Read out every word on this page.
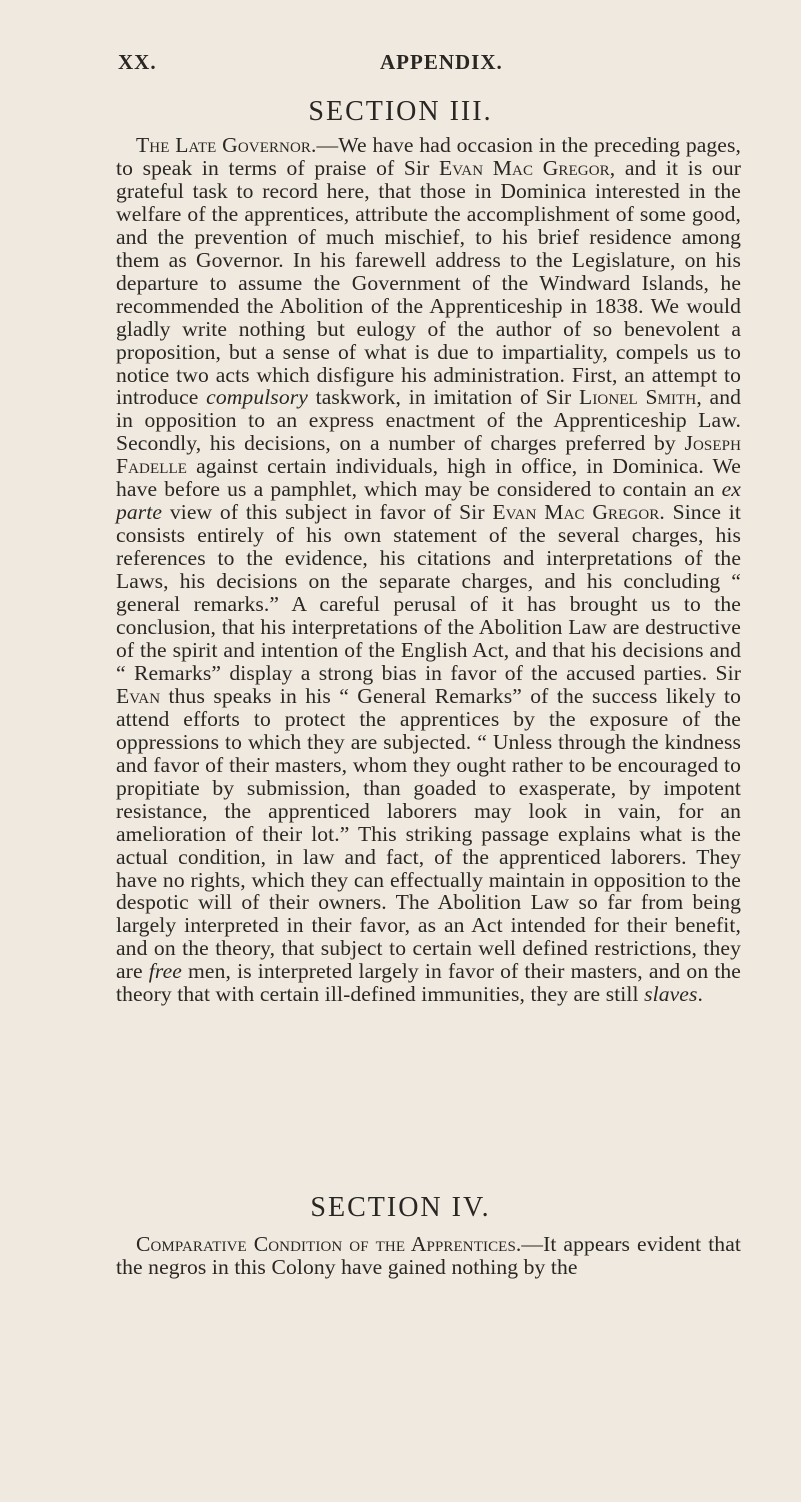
XX.	APPENDIX.
SECTION III.

The Late Governor.—We have had occasion in the preceding pages, to speak in terms of praise of Sir Evan Mac Gregor, and it is our grateful task to record here, that those in Dominica interested in the welfare of the apprentices, attribute the accomplishment of some good, and the prevention of much mischief, to his brief residence among them as Governor. In his farewell address to the Legislature, on his departure to assume the Government of the Windward Islands, he recommended the Abolition of the Apprenticeship in 1838. We would gladly write nothing but eulogy of the author of so benevolent a proposition, but a sense of what is due to impartiality, compels us to notice two acts which disfigure his administration. First, an attempt to introduce compulsory taskwork, in imitation of Sir Lionel Smith, and in opposition to an express enactment of the Apprenticeship Law. Secondly, his decisions, on a number of charges preferred by Joseph Fadelle against certain individuals, high in office, in Dominica. We have before us a pamphlet, which may be considered to contain an ex parte view of this subject in favor of Sir Evan Mac Gregor. Since it consists entirely of his own statement of the several charges, his references to the evidence, his citations and interpretations of the Laws, his decisions on the separate charges, and his concluding “ general remarks.” A careful perusal of it has brought us to the conclusion, that his interpretations of the Abolition Law are destructive of the spirit and intention of the English Act, and that his decisions and “ Remarks” display a strong bias in favor of the accused parties. Sir Evan thus speaks in his “ General Remarks” of the success likely to attend efforts to protect the apprentices by the exposure of the oppressions to which they are subjected. “ Unless through the kindness and favor of their masters, whom they ought rather to be encouraged to propitiate by submission, than goaded to exasperate, by impotent resistance, the apprenticed laborers may look in vain, for an amelioration of their lot.” This striking passage explains what is the actual condition, in law and fact, of the apprenticed laborers. They have no rights, which they can effectually maintain in opposition to the despotic will of their owners. The Abolition Law so far from being largely interpreted in their favor, as an Act intended for their benefit, and on the theory, that subject to certain well defined restrictions, they are free men, is interpreted largely in favor of their masters, and on the theory that with certain ill-defined immunities, they are still slaves.

SECTION IV.

Comparative Condition of the Apprentices.—It appears evident that the negros in this Colony have gained nothing by the
